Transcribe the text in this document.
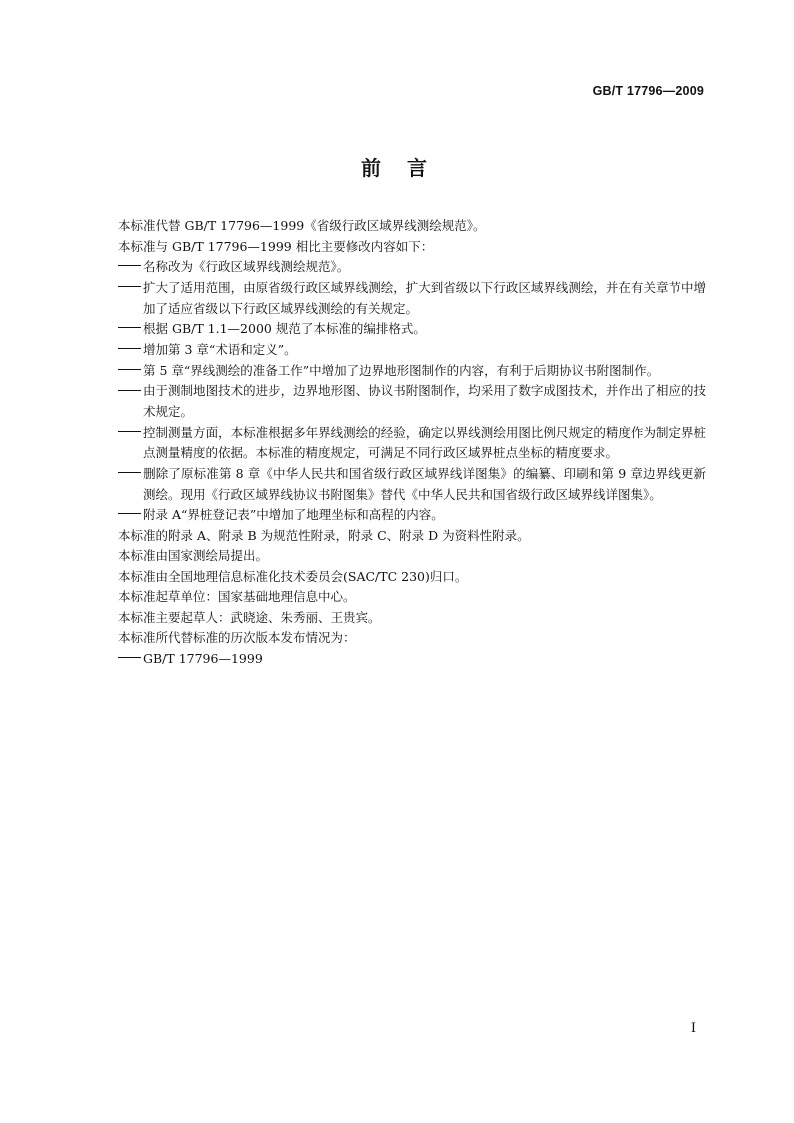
GB/T 17796—2009
前言

本标准代替 GB/T 17796—1999《省级行政区域界线测绘规范》。

本标准与 GB/T 17796—1999 相比主要修改内容如下：

名称改为《行政区域界线测绘规范》。

扩大了适用范围，由原省级行政区域界线测绘，扩大到省级以下行政区域界线测绘，并在有关章节中增加了适应省级以下行政区域界线测绘的有关规定。

根据 GB/T 1.1—2000 规范了本标准的编排格式。

增加第 3 章“术语和定义”。

第 5 章“界线测绘的准备工作”中增加了边界地形图制作的内容，有利于后期协议书附图制作。

由于测制地图技术的进步，边界地形图、协议书附图制作，均采用了数字成图技术，并作出了相应的技术规定。

控制测量方面，本标准根据多年界线测绘的经验，确定以界线测绘用图比例尺规定的精度作为制定界桩点测量精度的依据。本标准的精度规定，可满足不同行政区域界桩点坐标的精度要求。

删除了原标准第 8 章《中华人民共和国省级行政区域界线详图集》的编纂、印刷和第 9 章边界线更新测绘。现用《行政区域界线协议书附图集》替代《中华人民共和国省级行政区域界线详图集》。

附录 A“界桩登记表”中增加了地理坐标和高程的内容。

本标准的附录 A、附录 B 为规范性附录，附录 C、附录 D 为资料性附录。

本标准由国家测绘局提出。

本标准由全国地理信息标准化技术委员会(SAC/TC 230)归口。

本标准起草单位：国家基础地理信息中心。

本标准主要起草人：武晓途、朱秀丽、王贵宾。

本标准所代替标准的历次版本发布情况为：

GB/T 17796—1999

I
